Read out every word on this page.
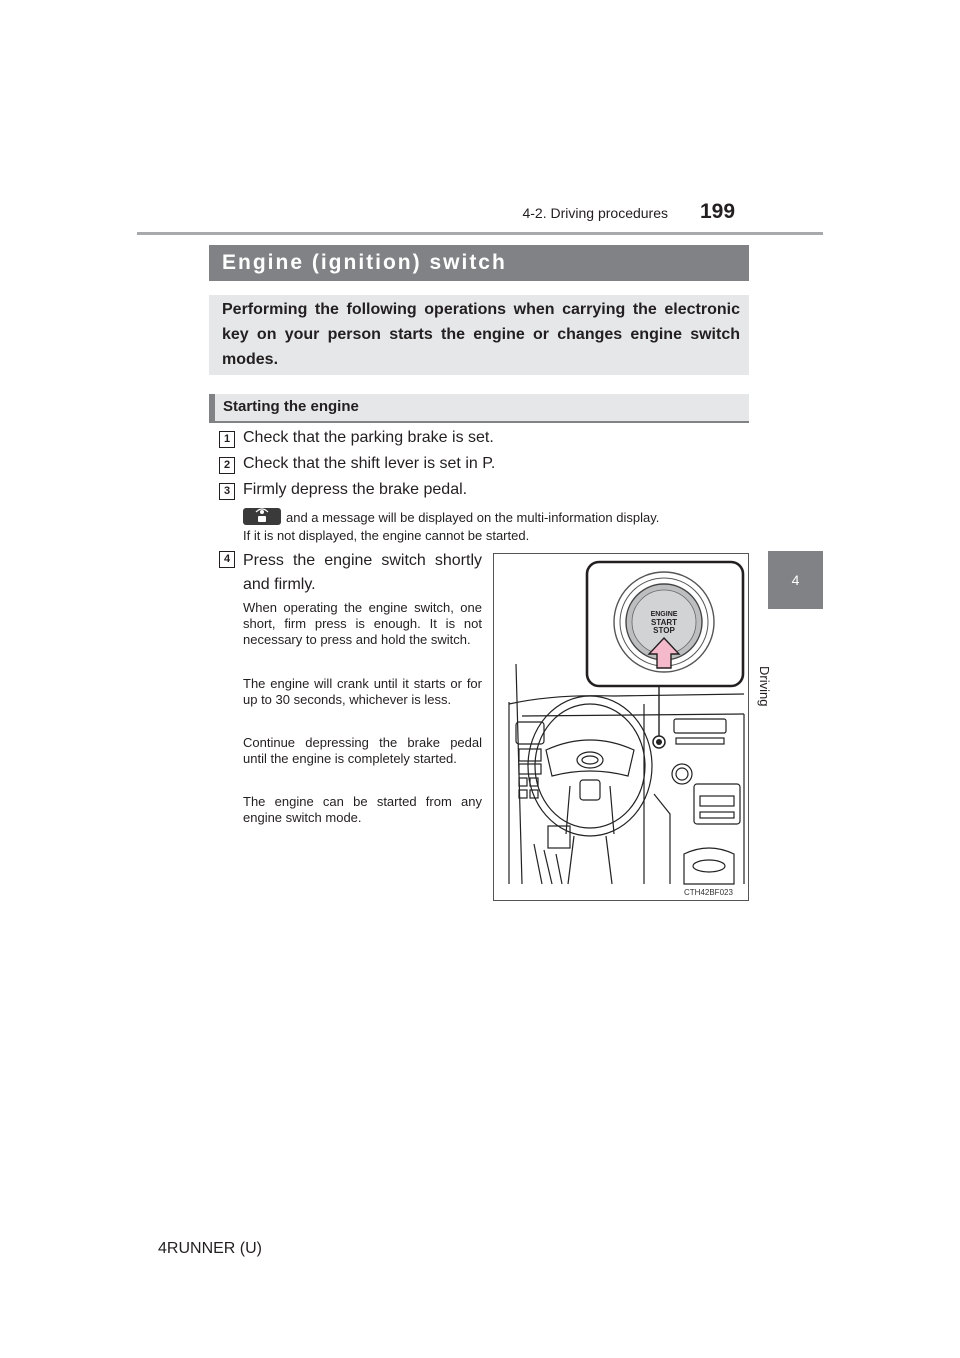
4-2. Driving procedures 199
4
Driving
Engine (ignition) switch
Performing the following operations when carrying the electronic key on your person starts the engine or changes engine switch modes.
Starting the engine
1 Check that the parking brake is set.
2 Check that the shift lever is set in P.
3 Firmly depress the brake pedal.
and a message will be displayed on the multi-information display.
If it is not displayed, the engine cannot be started.
4 Press the engine switch shortly and firmly.
When operating the engine switch, one short, firm press is enough. It is not necessary to press and hold the switch.
The engine will crank until it starts or for up to 30 seconds, whichever is less.
Continue depressing the brake pedal until the engine is completely started.
The engine can be started from any engine switch mode.
ENGINE
START
STOP
CTH42BF023
4RUNNER (U)
